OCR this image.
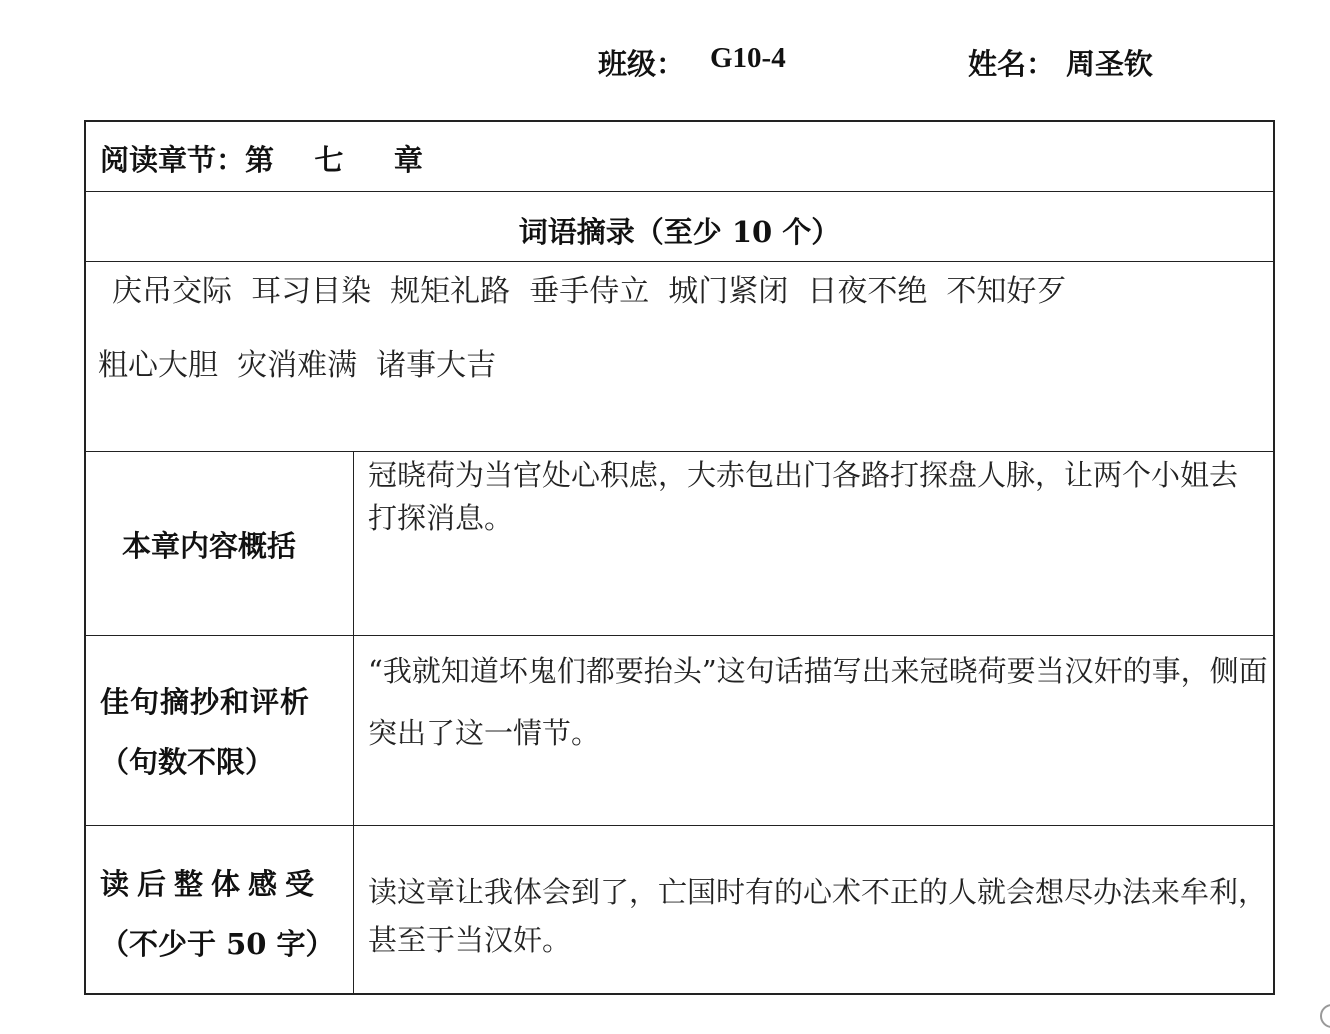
班级： G10-4	姓名： 周圣钦
阅读章节：第    七     章
词语摘录（至少 10 个）
庆吊交际  耳习目染  规矩礼路  垂手侍立  城门紧闭  日夜不绝  不知好歹
粗心大胆  灾消难满  诸事大吉
本章内容概括
冠晓荷为当官处心积虑，大赤包出门各路打探盘人脉，让两个小姐去打探消息。
佳句摘抄和评析
（句数不限）
“我就知道坏鬼们都要抬头”这句话描写出来冠晓荷要当汉奸的事，侧面突出了这一情节。
读后整体感受
（不少于 50 字）
读这章让我体会到了，亡国时有的心术不正的人就会想尽办法来牟利，甚至于当汉奸。
